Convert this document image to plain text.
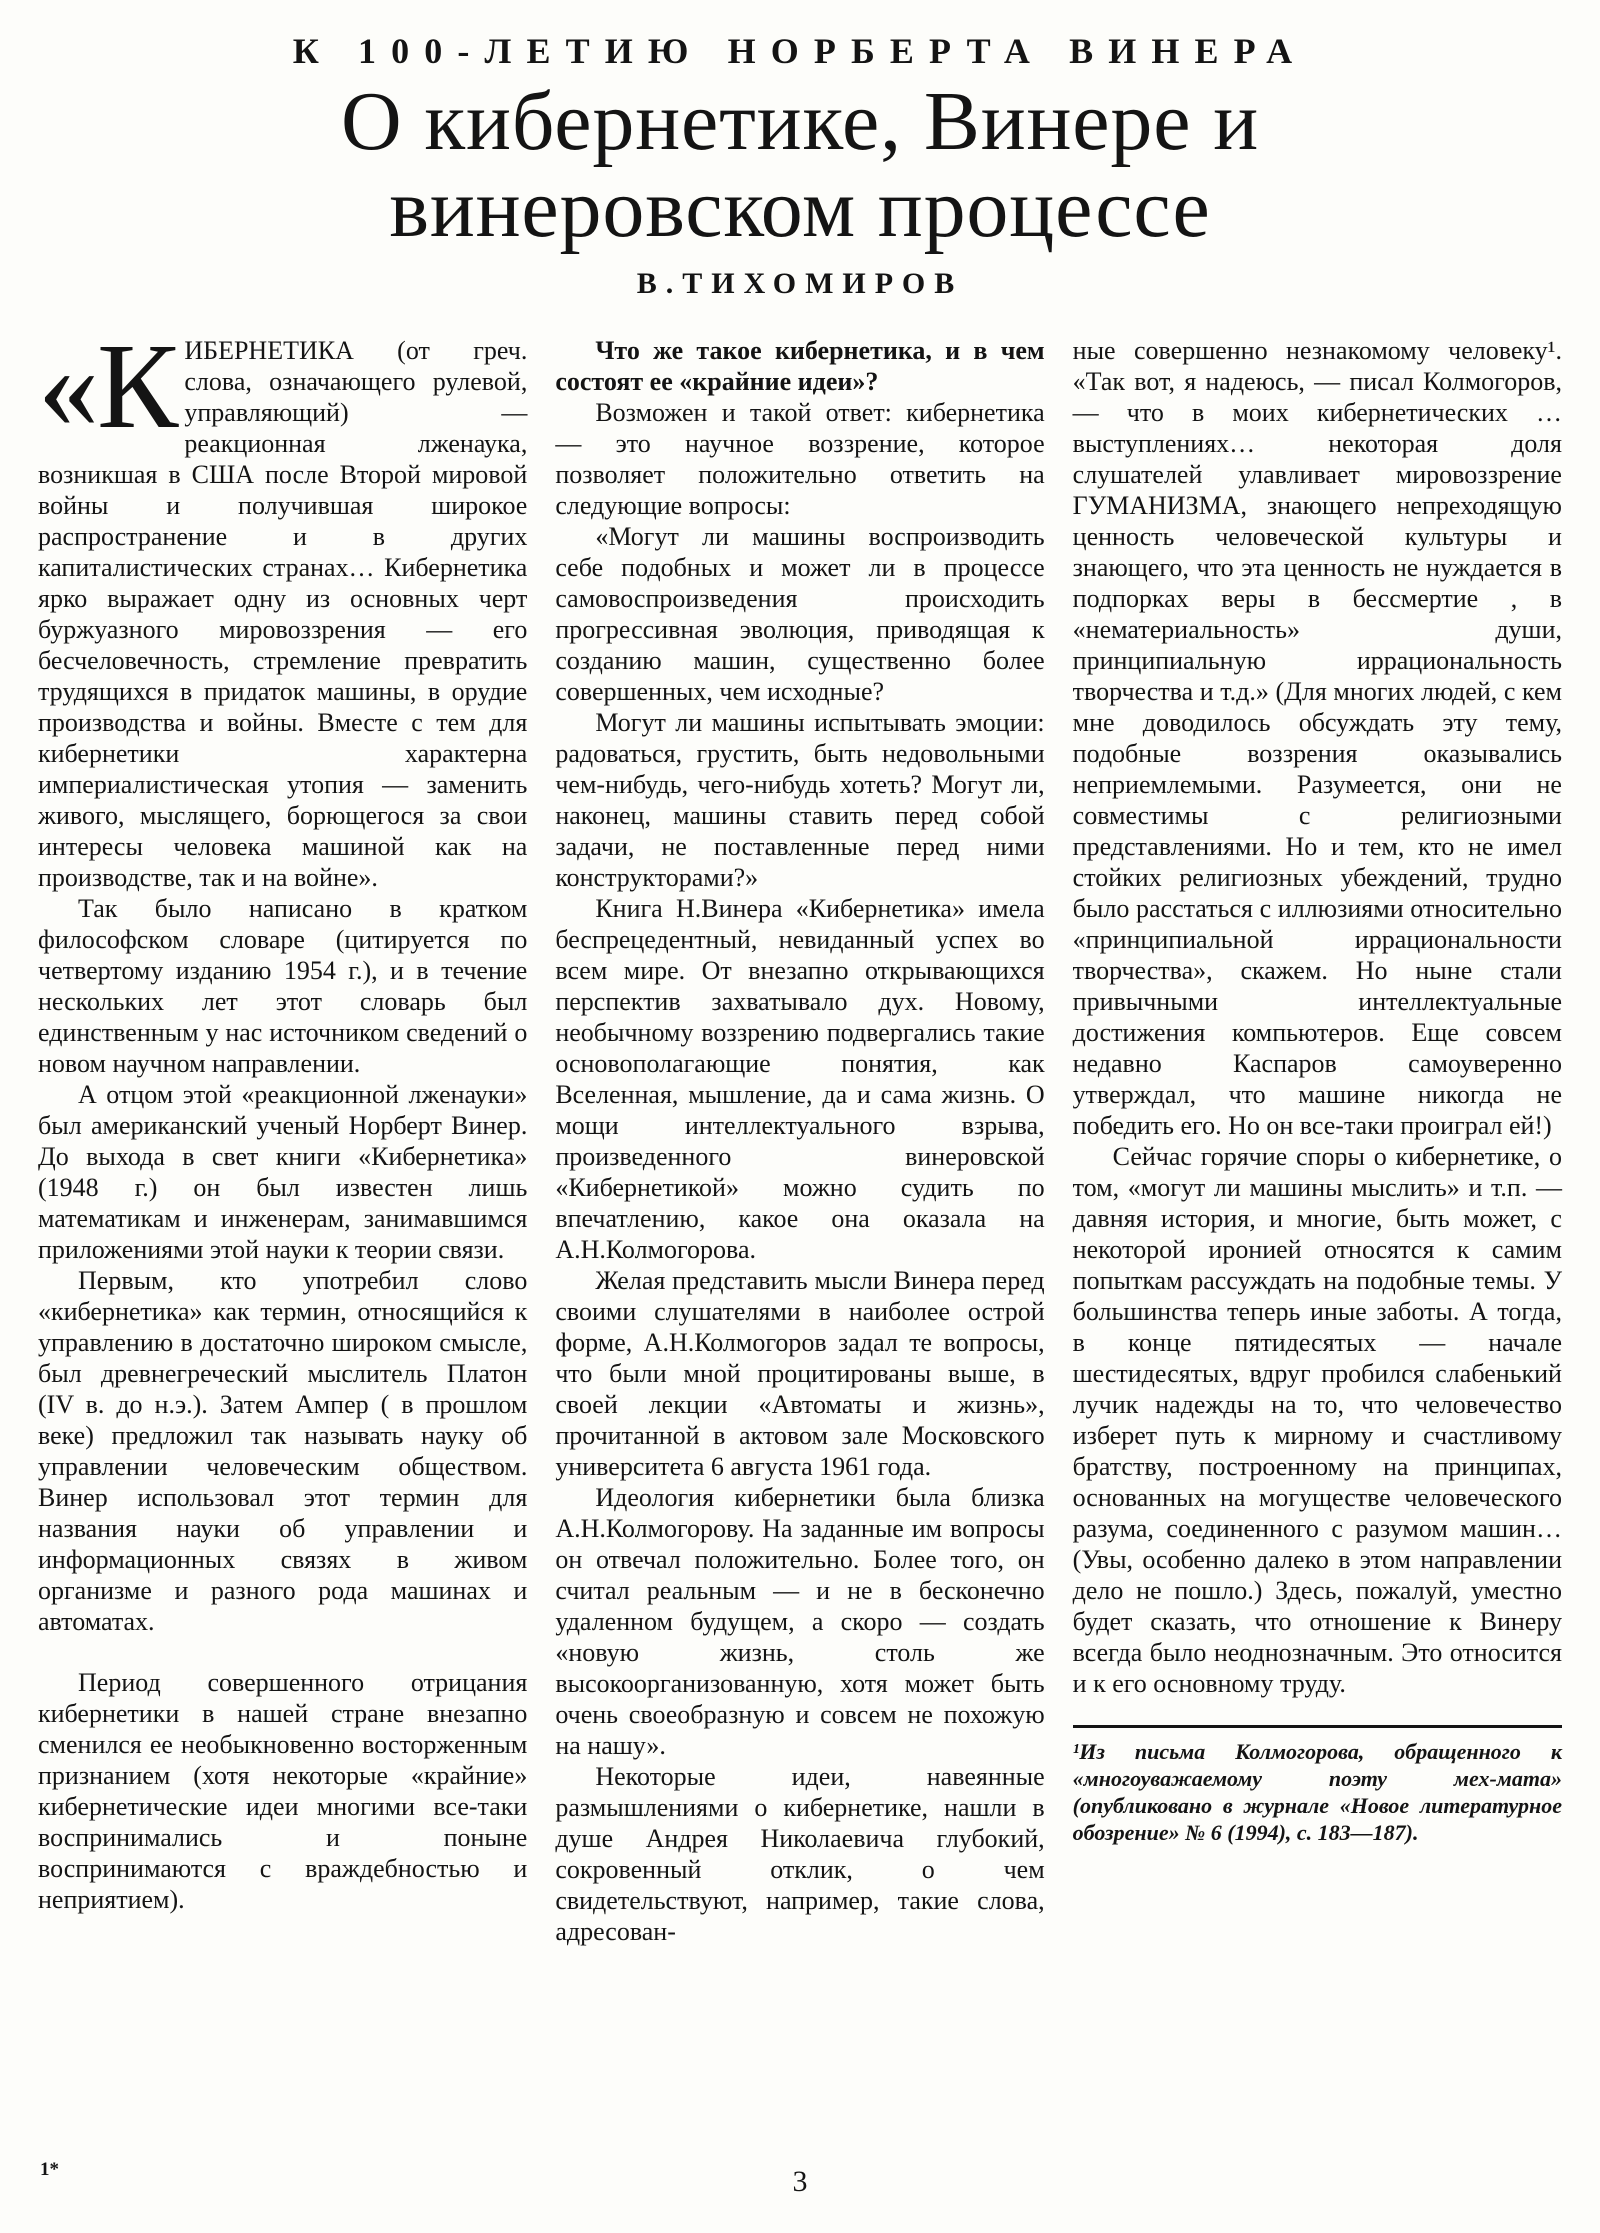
К 100-ЛЕТИЮ НОРБЕРТА ВИНЕРА
О кибернетике, Винере и
винеровском процессе
В.ТИХОМИРОВ

«КИБЕРНЕТИКА (от греч. слова, означающего рулевой, управляющий) — реакционная лженаука, возникшая в США после Второй мировой войны и получившая широкое распространение и в других капиталистических странах… Кибернетика ярко выражает одну из основных черт буржуазного мировоззрения — его бесчеловечность, стремление превратить трудящихся в придаток машины, в орудие производства и войны. Вместе с тем для кибернетики характерна империалистическая утопия — заменить живого, мыслящего, борющегося за свои интересы человека машиной как на производстве, так и на войне».

Так было написано в кратком философском словаре (цитируется по четвертому изданию 1954 г.), и в течение нескольких лет этот словарь был единственным у нас источником сведений о новом научном направлении.

А отцом этой «реакционной лженауки» был американский ученый Норберт Винер. До выхода в свет книги «Кибернетика» (1948 г.) он был известен лишь математикам и инженерам, занимавшимся приложениями этой науки к теории связи.

Первым, кто употребил слово «кибернетика» как термин, относящийся к управлению в достаточно широком смысле, был древнегреческий мыслитель Платон (IV в. до н.э.). Затем Ампер ( в прошлом веке) предложил так называть науку об управлении человеческим обществом. Винер использовал этот термин для названия науки об управлении и информационных связях в живом организме и разного рода машинах и автоматах.

Период совершенного отрицания кибернетики в нашей стране внезапно сменился ее необыкновенно восторженным признанием (хотя некоторые «крайние» кибернетические идеи многими все-таки воспринимались и поныне воспринимаются с враждебностью и неприятием).

Что же такое кибернетика, и в чем состоят ее «крайние идеи»?

Возможен и такой ответ: кибернетика — это научное воззрение, которое позволяет положительно ответить на следующие вопросы:

«Могут ли машины воспроизводить себе подобных и может ли в процессе самовоспроизведения происходить прогрессивная эволюция, приводящая к созданию машин, существенно более совершенных, чем исходные?

Могут ли машины испытывать эмоции: радоваться, грустить, быть недовольными чем-нибудь, чего-нибудь хотеть? Могут ли, наконец, машины ставить перед собой задачи, не поставленные перед ними конструкторами?»

Книга Н.Винера «Кибернетика» имела беспрецедентный, невиданный успех во всем мире. От внезапно открывающихся перспектив захватывало дух. Новому, необычному воззрению подвергались такие основополагающие понятия, как Вселенная, мышление, да и сама жизнь. О мощи интеллектуального взрыва, произведенного винеровской «Кибернетикой» можно судить по впечатлению, какое она оказала на А.Н.Колмогорова.

Желая представить мысли Винера перед своими слушателями в наиболее острой форме, А.Н.Колмогоров задал те вопросы, что были мной процитированы выше, в своей лекции «Автоматы и жизнь», прочитанной в актовом зале Московского университета 6 августа 1961 года.

Идеология кибернетики была близка А.Н.Колмогорову. На заданные им вопросы он отвечал положительно. Более того, он считал реальным — и не в бесконечно удаленном будущем, а скоро — создать «новую жизнь, столь же высокоорганизованную, хотя может быть очень своеобразную и совсем не похожую на нашу».

Некоторые идеи, навеянные размышлениями о кибернетике, нашли в душе Андрея Николаевича глубокий, сокровенный отклик, о чем свидетельствуют, например, такие слова, адресован-

ные совершенно незнакомому человеку¹. «Так вот, я надеюсь, — писал Колмогоров, — что в моих кибернетических … выступлениях… некоторая доля слушателей улавливает мировоззрение ГУМАНИЗМА, знающего непреходящую ценность человеческой культуры и знающего, что эта ценность не нуждается в подпорках веры в бессмертие , в «нематериальность» души, принципиальную иррациональность творчества и т.д.» (Для многих людей, с кем мне доводилось обсуждать эту тему, подобные воззрения оказывались неприемлемыми. Разумеется, они не совместимы с религиозными представлениями. Но и тем, кто не имел стойких религиозных убеждений, трудно было расстаться с иллюзиями относительно «принципиальной иррациональности творчества», скажем. Но ныне стали привычными интеллектуальные достижения компьютеров. Еще совсем недавно Каспаров самоуверенно утверждал, что машине никогда не победить его. Но он все-таки проиграл ей!)

Сейчас горячие споры о кибернетике, о том, «могут ли машины мыслить» и т.п. — давняя история, и многие, быть может, с некоторой иронией относятся к самим попыткам рассуждать на подобные темы. У большинства теперь иные заботы. А тогда, в конце пятидесятых — начале шестидесятых, вдруг пробился слабенький лучик надежды на то, что человечество изберет путь к мирному и счастливому братству, построенному на принципах, основанных на могуществе человеческого разума, соединенного с разумом машин… (Увы, особенно далеко в этом направлении дело не пошло.) Здесь, пожалуй, уместно будет сказать, что отношение к Винеру всегда было неоднозначным. Это относится и к его основному труду.

¹Из письма Колмогорова, обращенного к «многоуважаемому поэту мех-мата» (опубликовано в журнале «Новое литературное обозрение» № 6 (1994), с. 183—187).
1*	3
